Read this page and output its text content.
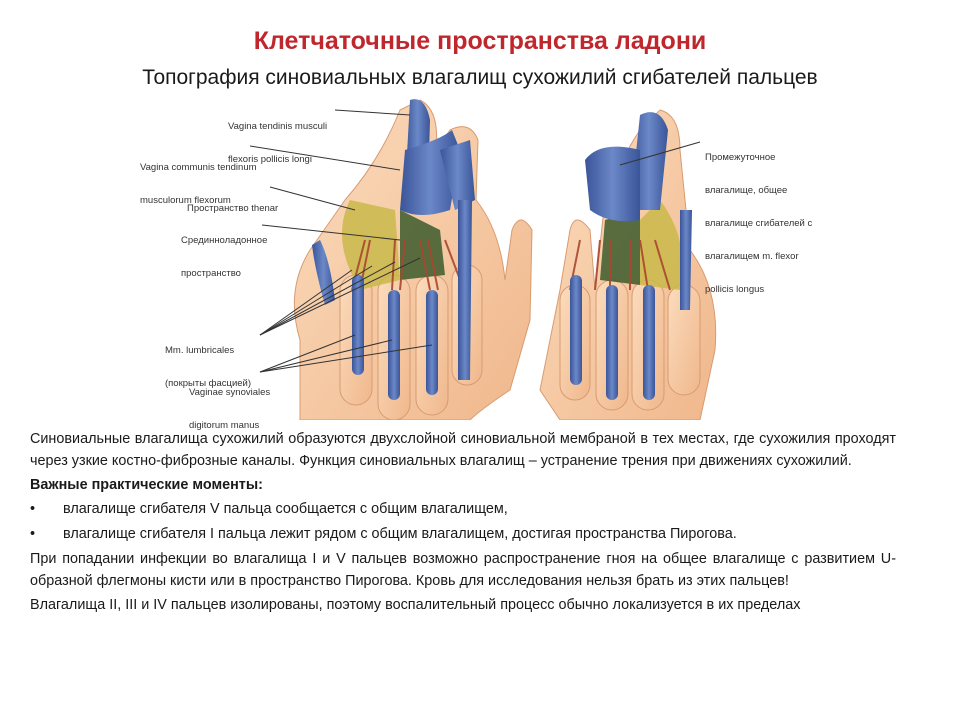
Клетчаточные пространства ладони
Топография синовиальных влагалищ сухожилий сгибателей пальцев

Vagina tendinis musculi

flexoris pollicis longi

Vagina communis tendinum

musculorum flexorum

Пространство thenar

Срединноладонное

пространство

Mm. lumbricales

(покрыты фасцией)

Vaginae synoviales

digitorum manus

Промежуточное

влагалище, общее

влагалище сгибателей с

влагалищем m. flexor

pollicis longus

Синовиальные влагалища сухожилий образуются двухслойной синовиальной мембраной в тех местах, где сухожилия проходят через узкие костно-фиброзные каналы. Функция синовиальных влагалищ – устранение трения при движениях сухожилий.

Важные практические моменты:

• влагалище сгибателя V пальца сообщается с общим влагалищем,

• влагалище сгибателя I пальца лежит рядом с общим влагалищем, достигая пространства Пирогова.

При попадании инфекции во влагалища I и V пальцев возможно распространение гноя на общее влагалище с развитием U-образной флегмоны кисти или в пространство Пирогова. Кровь для исследования нельзя брать из этих пальцев!

Влагалища II, III и IV пальцев изолированы, поэтому воспалительный процесс обычно локализуется в их пределах
